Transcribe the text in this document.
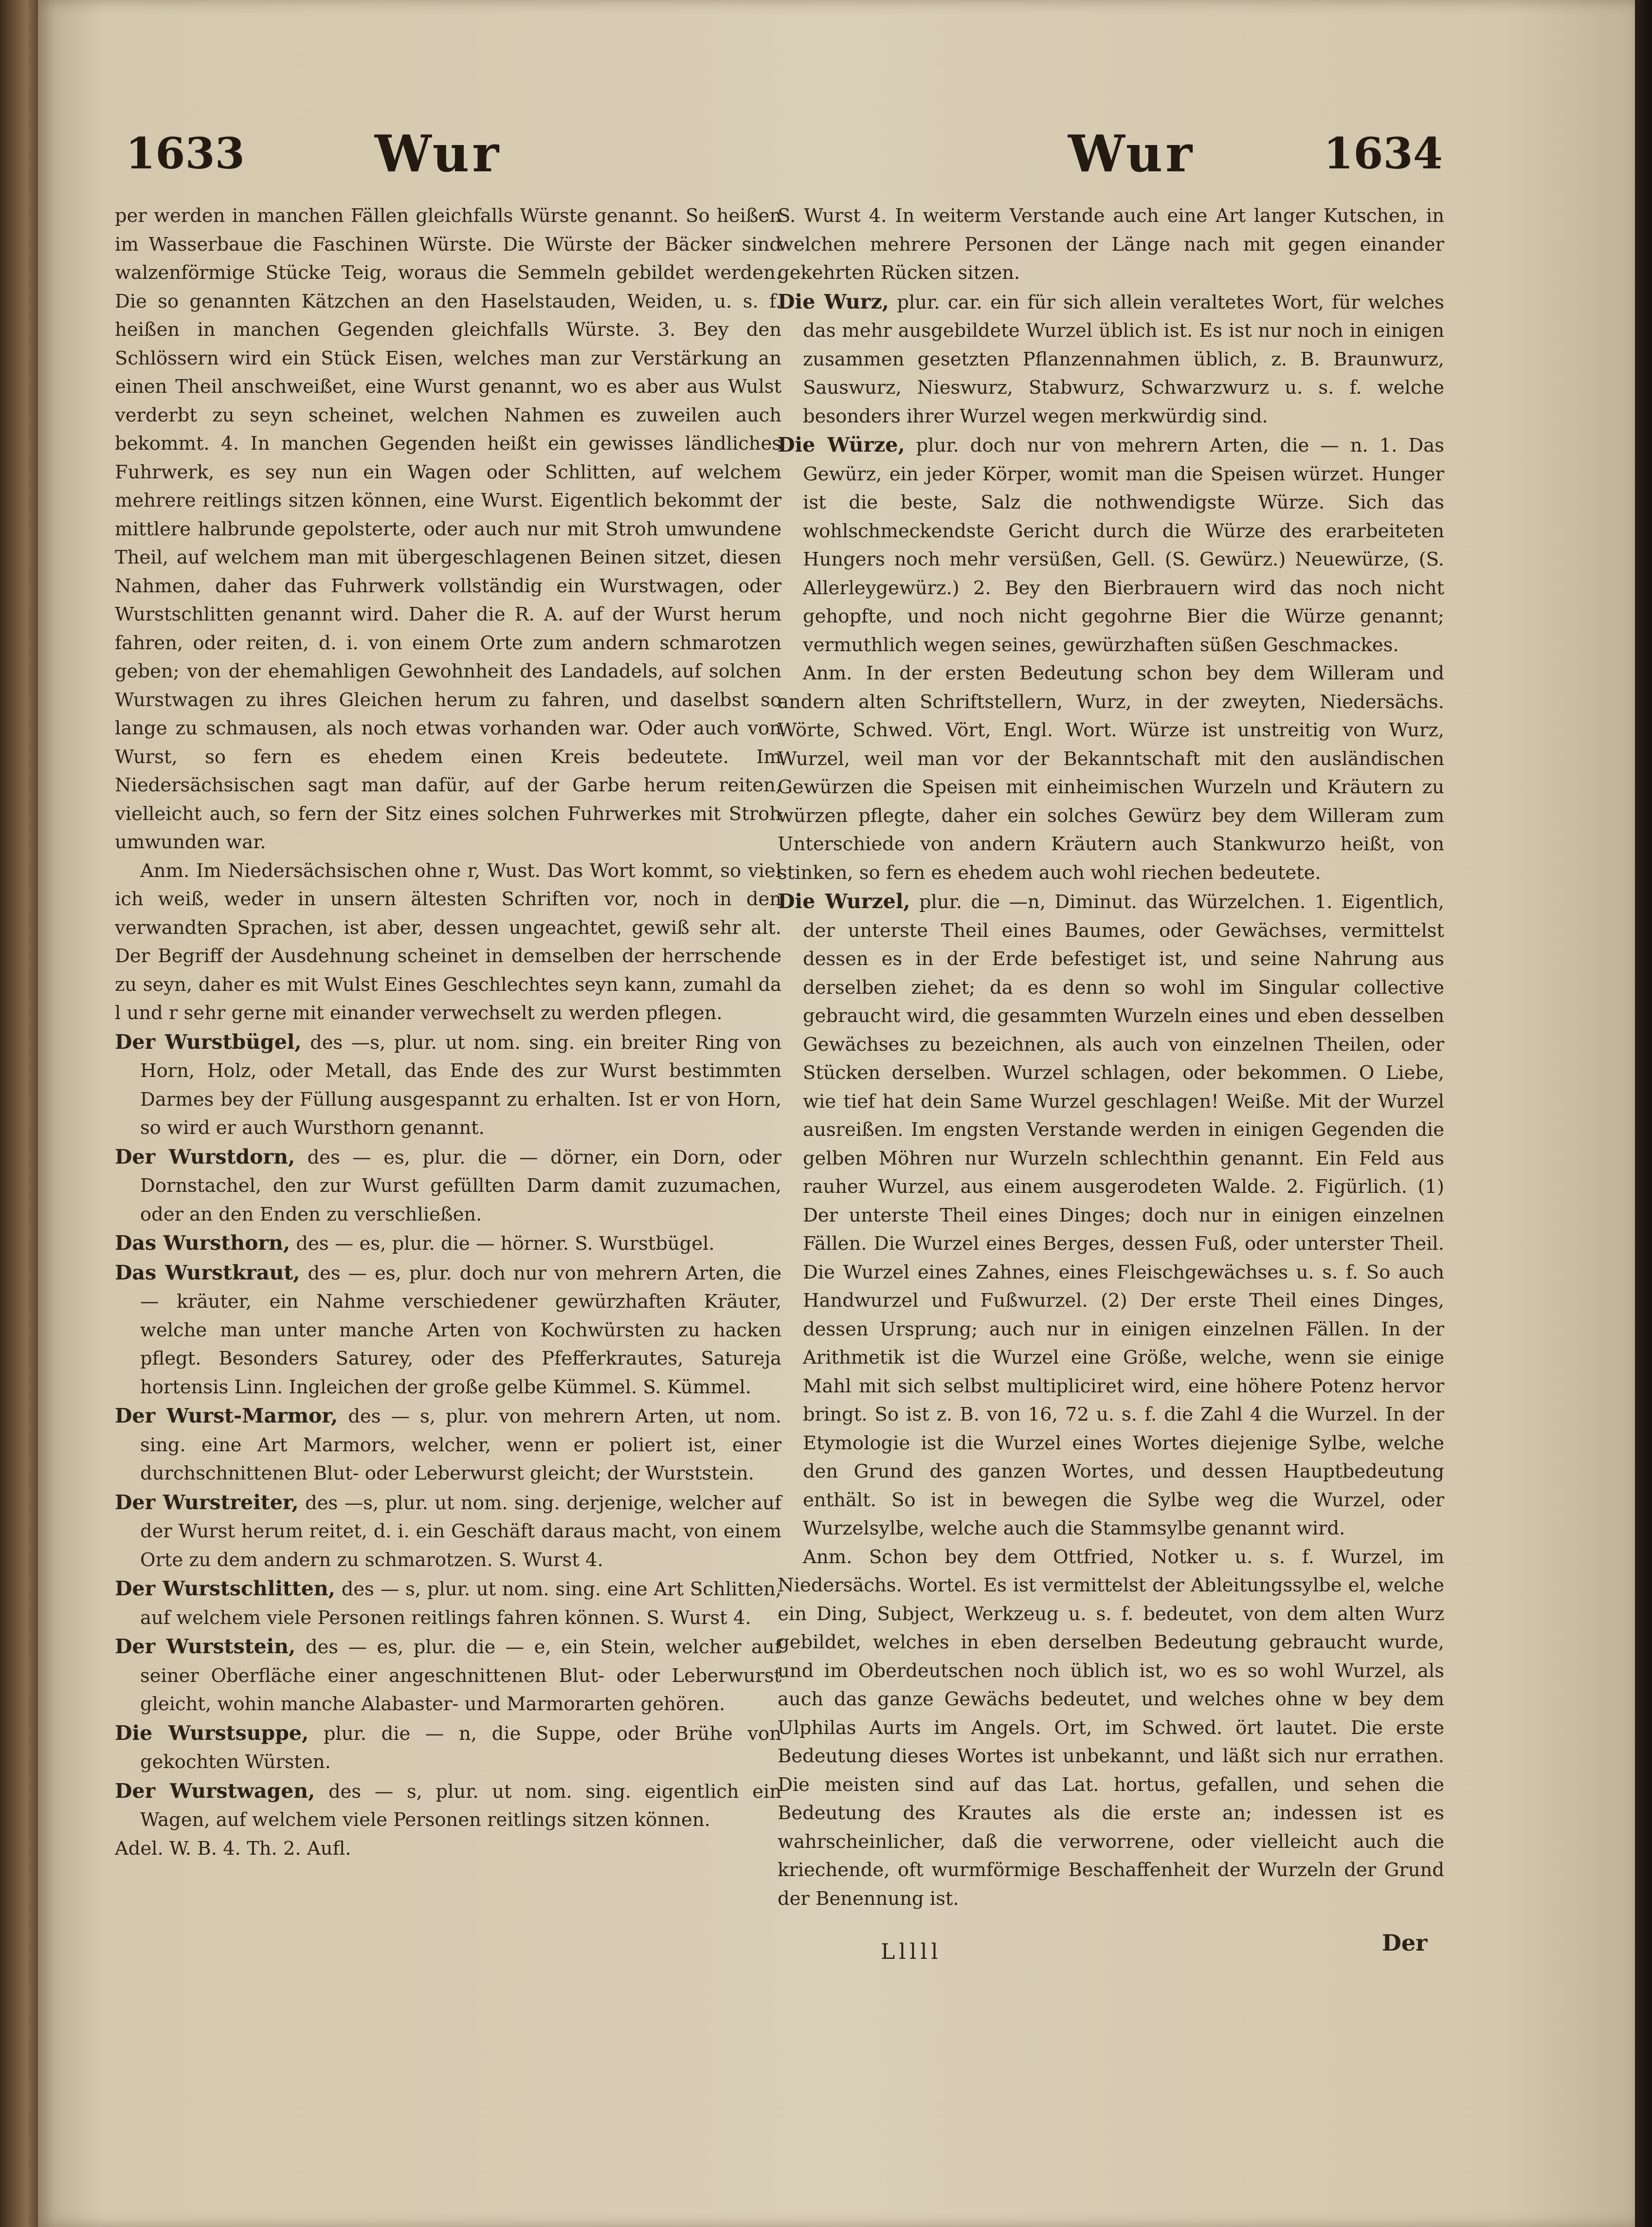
1633	Wur	Wur	1634

per werden in manchen Fällen gleichfalls Würste genannt. So heißen im Wasserbaue die Faschinen Würste. Die Würste der Bäcker sind walzenförmige Stücke Teig, woraus die Semmeln gebildet werden. Die so genannten Kätzchen an den Haselstauden, Weiden, u. s. f. heißen in manchen Gegenden gleichfalls Würste. 3. Bey den Schlössern wird ein Stück Eisen, welches man zur Verstärkung an einen Theil anschweißet, eine Wurst genannt, wo es aber aus Wulst verderbt zu seyn scheinet, welchen Nahmen es zuweilen auch bekommt. 4. In manchen Gegenden heißt ein gewisses ländliches Fuhrwerk, es sey nun ein Wagen oder Schlitten, auf welchem mehrere reitlings sitzen können, eine Wurst. Eigentlich bekommt der mittlere halbrunde gepolsterte, oder auch nur mit Stroh umwundene Theil, auf welchem man mit übergeschlagenen Beinen sitzet, diesen Nahmen, daher das Fuhrwerk vollständig ein Wurstwagen, oder Wurstschlitten genannt wird. Daher die R. A. auf der Wurst herum fahren, oder reiten, d. i. von einem Orte zum andern schmarotzen geben; von der ehemahligen Gewohnheit des Landadels, auf solchen Wurstwagen zu ihres Gleichen herum zu fahren, und daselbst so lange zu schmausen, als noch etwas vorhanden war. Oder auch von Wurst, so fern es ehedem einen Kreis bedeutete. Im Niedersächsischen sagt man dafür, auf der Garbe herum reiten, vielleicht auch, so fern der Sitz eines solchen Fuhrwerkes mit Stroh umwunden war.

Anm. Im Niedersächsischen ohne r, Wust. Das Wort kommt, so viel ich weiß, weder in unsern ältesten Schriften vor, noch in den verwandten Sprachen, ist aber, dessen ungeachtet, gewiß sehr alt. Der Begriff der Ausdehnung scheinet in demselben der herrschende zu seyn, daher es mit Wulst Eines Geschlechtes seyn kann, zumahl da l und r sehr gerne mit einander verwechselt zu werden pflegen.

Der Wurstbügel, des —s, plur. ut nom. sing. ein breiter Ring von Horn, Holz, oder Metall, das Ende des zur Wurst bestimmten Darmes bey der Füllung ausgespannt zu erhalten. Ist er von Horn, so wird er auch Wursthorn genannt.

Der Wurstdorn, des — es, plur. die — dörner, ein Dorn, oder Dornstachel, den zur Wurst gefüllten Darm damit zuzumachen, oder an den Enden zu verschließen.

Das Wursthorn, des — es, plur. die — hörner. S. Wurstbügel.

Das Wurstkraut, des — es, plur. doch nur von mehrern Arten, die — kräuter, ein Nahme verschiedener gewürzhaften Kräuter, welche man unter manche Arten von Kochwürsten zu hacken pflegt. Besonders Saturey, oder des Pfefferkrautes, Satureja hortensis Linn. Ingleichen der große gelbe Kümmel. S. Kümmel.

Der Wurst-Marmor, des — s, plur. von mehrern Arten, ut nom. sing. eine Art Marmors, welcher, wenn er poliert ist, einer durchschnittenen Blut- oder Leberwurst gleicht; der Wurststein.

Der Wurstreiter, des —s, plur. ut nom. sing. derjenige, welcher auf der Wurst herum reitet, d. i. ein Geschäft daraus macht, von einem Orte zu dem andern zu schmarotzen. S. Wurst 4.

Der Wurstschlitten, des — s, plur. ut nom. sing. eine Art Schlitten, auf welchem viele Personen reitlings fahren können. S. Wurst 4.

Der Wurststein, des — es, plur. die — e, ein Stein, welcher auf seiner Oberfläche einer angeschnittenen Blut- oder Leberwurst gleicht, wohin manche Alabaster- und Marmorarten gehören.

Die Wurstsuppe, plur. die — n, die Suppe, oder Brühe von gekochten Würsten.

Der Wurstwagen, des — s, plur. ut nom. sing. eigentlich ein Wagen, auf welchem viele Personen reitlings sitzen können.

Adel. W. B. 4. Th. 2. Aufl.

S. Wurst 4. In weiterm Verstande auch eine Art langer Kutschen, in welchen mehrere Personen der Länge nach mit gegen einander gekehrten Rücken sitzen.

Die Wurz, plur. car. ein für sich allein veraltetes Wort, für welches das mehr ausgebildete Wurzel üblich ist. Es ist nur noch in einigen zusammen gesetzten Pflanzennahmen üblich, z. B. Braunwurz, Sauswurz, Nieswurz, Stabwurz, Schwarzwurz u. s. f. welche besonders ihrer Wurzel wegen merkwürdig sind.

Die Würze, plur. doch nur von mehrern Arten, die — n. 1. Das Gewürz, ein jeder Körper, womit man die Speisen würzet. Hunger ist die beste, Salz die nothwendigste Würze. Sich das wohlschmeckendste Gericht durch die Würze des erarbeiteten Hungers noch mehr versüßen, Gell. (S. Gewürz.) Neuewürze, (S. Allerleygewürz.) 2. Bey den Bierbrauern wird das noch nicht gehopfte, und noch nicht gegohrne Bier die Würze genannt; vermuthlich wegen seines, gewürzhaften süßen Geschmackes.

Anm. In der ersten Bedeutung schon bey dem Willeram und andern alten Schriftstellern, Wurz, in der zweyten, Niedersächs. Wörte, Schwed. Vört, Engl. Wort. Würze ist unstreitig von Wurz, Wurzel, weil man vor der Bekanntschaft mit den ausländischen Gewürzen die Speisen mit einheimischen Wurzeln und Kräutern zu würzen pflegte, daher ein solches Gewürz bey dem Willeram zum Unterschiede von andern Kräutern auch Stankwurzo heißt, von stinken, so fern es ehedem auch wohl riechen bedeutete.

Die Wurzel, plur. die —n, Diminut. das Würzelchen. 1. Eigentlich, der unterste Theil eines Baumes, oder Gewächses, vermittelst dessen es in der Erde befestiget ist, und seine Nahrung aus derselben ziehet; da es denn so wohl im Singular collective gebraucht wird, die gesammten Wurzeln eines und eben desselben Gewächses zu bezeichnen, als auch von einzelnen Theilen, oder Stücken derselben. Wurzel schlagen, oder bekommen. O Liebe, wie tief hat dein Same Wurzel geschlagen! Weiße. Mit der Wurzel ausreißen. Im engsten Verstande werden in einigen Gegenden die gelben Möhren nur Wurzeln schlechthin genannt. Ein Feld aus rauher Wurzel, aus einem ausgerodeten Walde. 2. Figürlich. (1) Der unterste Theil eines Dinges; doch nur in einigen einzelnen Fällen. Die Wurzel eines Berges, dessen Fuß, oder unterster Theil. Die Wurzel eines Zahnes, eines Fleischgewächses u. s. f. So auch Handwurzel und Fußwurzel. (2) Der erste Theil eines Dinges, dessen Ursprung; auch nur in einigen einzelnen Fällen. In der Arithmetik ist die Wurzel eine Größe, welche, wenn sie einige Mahl mit sich selbst multipliciret wird, eine höhere Potenz hervor bringt. So ist z. B. von 16, 72 u. s. f. die Zahl 4 die Wurzel. In der Etymologie ist die Wurzel eines Wortes diejenige Sylbe, welche den Grund des ganzen Wortes, und dessen Hauptbedeutung enthält. So ist in bewegen die Sylbe weg die Wurzel, oder Wurzelsylbe, welche auch die Stammsylbe genannt wird.

Anm. Schon bey dem Ottfried, Notker u. s. f. Wurzel, im Niedersächs. Wortel. Es ist vermittelst der Ableitungssylbe el, welche ein Ding, Subject, Werkzeug u. s. f. bedeutet, von dem alten Wurz gebildet, welches in eben derselben Bedeutung gebraucht wurde, und im Oberdeutschen noch üblich ist, wo es so wohl Wurzel, als auch das ganze Gewächs bedeutet, und welches ohne w bey dem Ulphilas Aurts im Angels. Ort, im Schwed. ört lautet. Die erste Bedeutung dieses Wortes ist unbekannt, und läßt sich nur errathen. Die meisten sind auf das Lat. hortus, gefallen, und sehen die Bedeutung des Krautes als die erste an; indessen ist es wahrscheinlicher, daß die verworrene, oder vielleicht auch die kriechende, oft wurmförmige Beschaffenheit der Wurzeln der Grund der Benennung ist.

Lllll	Der
